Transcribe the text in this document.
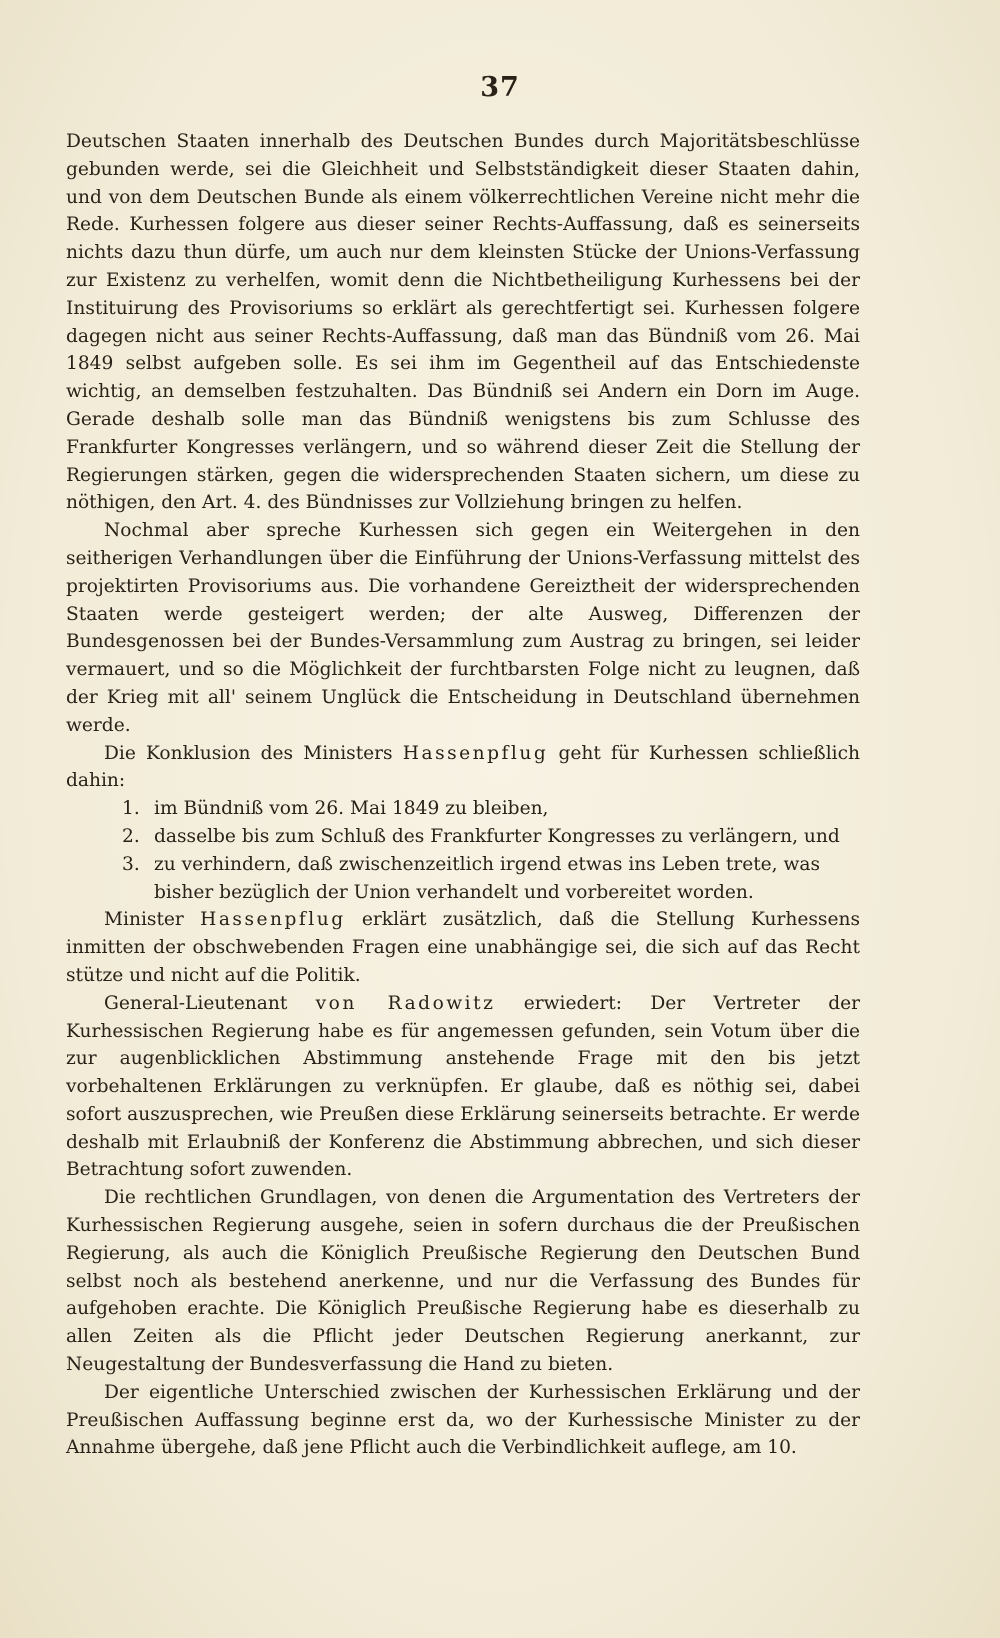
37

Deutschen Staaten innerhalb des Deutschen Bundes durch Majoritätsbeschlüsse gebunden werde, sei die Gleichheit und Selbstständigkeit dieser Staaten dahin, und von dem Deutschen Bunde als einem völkerrechtlichen Vereine nicht mehr die Rede. Kurhessen folgere aus dieser seiner Rechts-Auffassung, daß es seinerseits nichts dazu thun dürfe, um auch nur dem kleinsten Stücke der Unions-Verfassung zur Existenz zu verhelfen, womit denn die Nichtbetheiligung Kurhessens bei der Instituirung des Provisoriums so erklärt als gerechtfertigt sei. Kurhessen folgere dagegen nicht aus seiner Rechts-Auffassung, daß man das Bündniß vom 26. Mai 1849 selbst aufgeben solle. Es sei ihm im Gegentheil auf das Entschiedenste wichtig, an demselben festzuhalten. Das Bündniß sei Andern ein Dorn im Auge. Gerade deshalb solle man das Bündniß wenigstens bis zum Schlusse des Frankfurter Kongresses verlängern, und so während dieser Zeit die Stellung der Regierungen stärken, gegen die widersprechenden Staaten sichern, um diese zu nöthigen, den Art. 4. des Bündnisses zur Vollziehung bringen zu helfen.

Nochmal aber spreche Kurhessen sich gegen ein Weitergehen in den seitherigen Verhandlungen über die Einführung der Unions-Verfassung mittelst des projektirten Provisoriums aus. Die vorhandene Gereiztheit der widersprechenden Staaten werde gesteigert werden; der alte Ausweg, Differenzen der Bundesgenossen bei der Bundes-Versammlung zum Austrag zu bringen, sei leider vermauert, und so die Möglichkeit der furchtbarsten Folge nicht zu leugnen, daß der Krieg mit all' seinem Unglück die Entscheidung in Deutschland übernehmen werde.

Die Konklusion des Ministers Hassenpflug geht für Kurhessen schließlich dahin:

1. im Bündniß vom 26. Mai 1849 zu bleiben,
2. dasselbe bis zum Schluß des Frankfurter Kongresses zu verlängern, und
3. zu verhindern, daß zwischenzeitlich irgend etwas ins Leben trete, was bisher bezüglich der Union verhandelt und vorbereitet worden.

Minister Hassenpflug erklärt zusätzlich, daß die Stellung Kurhessens inmitten der obschwebenden Fragen eine unabhängige sei, die sich auf das Recht stütze und nicht auf die Politik.

General-Lieutenant von Radowitz erwiedert: Der Vertreter der Kurhessischen Regierung habe es für angemessen gefunden, sein Votum über die zur augenblicklichen Abstimmung anstehende Frage mit den bis jetzt vorbehaltenen Erklärungen zu verknüpfen. Er glaube, daß es nöthig sei, dabei sofort auszusprechen, wie Preußen diese Erklärung seinerseits betrachte. Er werde deshalb mit Erlaubniß der Konferenz die Abstimmung abbrechen, und sich dieser Betrachtung sofort zuwenden.

Die rechtlichen Grundlagen, von denen die Argumentation des Vertreters der Kurhessischen Regierung ausgehe, seien in sofern durchaus die der Preußischen Regierung, als auch die Königlich Preußische Regierung den Deutschen Bund selbst noch als bestehend anerkenne, und nur die Verfassung des Bundes für aufgehoben erachte. Die Königlich Preußische Regierung habe es dieserhalb zu allen Zeiten als die Pflicht jeder Deutschen Regierung anerkannt, zur Neugestaltung der Bundesverfassung die Hand zu bieten.

Der eigentliche Unterschied zwischen der Kurhessischen Erklärung und der Preußischen Auffassung beginne erst da, wo der Kurhessische Minister zu der Annahme übergehe, daß jene Pflicht auch die Verbindlichkeit auflege, am 10.
